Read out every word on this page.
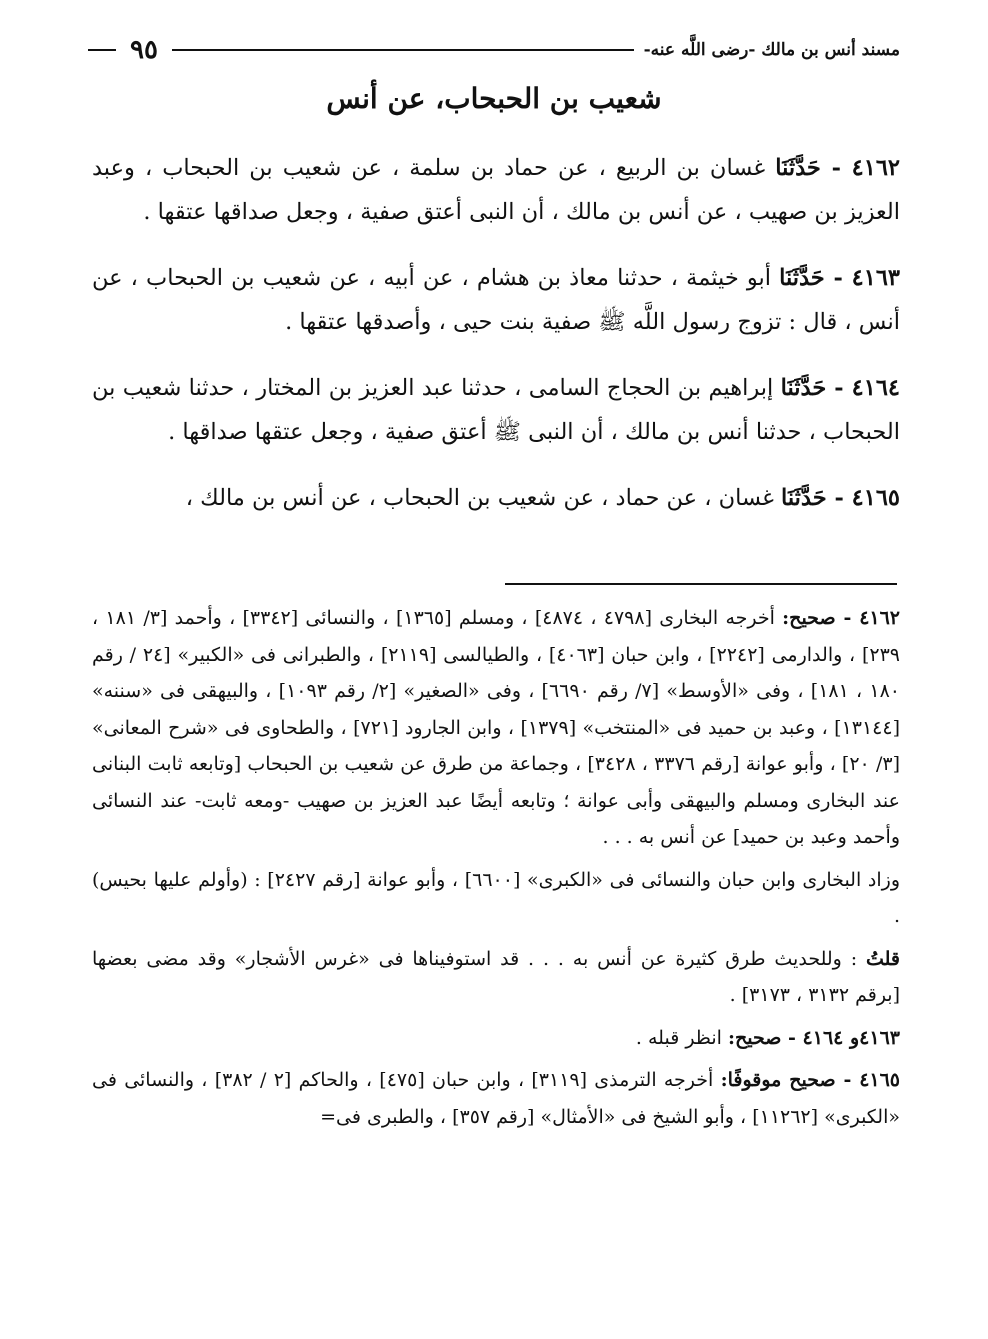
مسند أنس بن مالك -رضى اللَّه عنه-
٩٥
شعيب بن الحبحاب، عن أنس

٤١٦٢ - حَدَّثَنَا غسان بن الربيع ، عن حماد بن سلمة ، عن شعيب بن الحبحاب ، وعبد العزيز بن صهيب ، عن أنس بن مالك ، أن النبى أعتق صفية ، وجعل صداقها عتقها .

٤١٦٣ - حَدَّثَنَا أبو خيثمة ، حدثنا معاذ بن هشام ، عن أبيه ، عن شعيب بن الحبحاب ، عن أنس ، قال : تزوج رسول اللَّه ﷺ صفية بنت حيى ، وأصدقها عتقها .

٤١٦٤ - حَدَّثَنَا إبراهيم بن الحجاج السامى ، حدثنا عبد العزيز بن المختار ، حدثنا شعيب بن الحبحاب ، حدثنا أنس بن مالك ، أن النبى ﷺ أعتق صفية ، وجعل عتقها صداقها .

٤١٦٥ - حَدَّثَنَا غسان ، عن حماد ، عن شعيب بن الحبحاب ، عن أنس بن مالك ،

٤١٦٢ - صحيح: أخرجه البخارى [٤٧٩٨ ، ٤٨٧٤] ، ومسلم [١٣٦٥] ، والنسائى [٣٣٤٢] ، وأحمد [٣/ ١٨١ ، ٢٣٩] ، والدارمى [٢٢٤٢] ، وابن حبان [٤٠٦٣] ، والطيالسى [٢١١٩] ، والطبرانى فى «الكبير» [٢٤ / رقم ١٨٠ ، ١٨١] ، وفى «الأوسط» [٧/ رقم ٦٦٩٠] ، وفى «الصغير» [٢/ رقم ١٠٩٣] ، والبيهقى فى «سننه» [١٣١٤٤] ، وعبد بن حميد فى «المنتخب» [١٣٧٩] ، وابن الجارود [٧٢١] ، والطحاوى فى «شرح المعانى» [٣/ ٢٠] ، وأبو عوانة [رقم ٣٣٧٦ ، ٣٤٢٨] ، وجماعة من طرق عن شعيب بن الحبحاب [وتابعه ثابت البنانى عند البخارى ومسلم والبيهقى وأبى عوانة ؛ وتابعه أيضًا عبد العزيز بن صهيب -ومعه ثابت- عند النسائى وأحمد وعبد بن حميد] عن أنس به . . .

وزاد البخارى وابن حبان والنسائى فى «الكبرى» [٦٦٠٠] ، وأبو عوانة [رقم ٢٤٢٧] : (وأولم عليها بحيس) .

قلتُ : وللحديث طرق كثيرة عن أنس به . . . قد استوفيناها فى «غرس الأشجار» وقد مضى بعضها [برقم ٣١٣٢ ، ٣١٧٣] .

٤١٦٣و ٤١٦٤ - صحيح: انظر قبله .

٤١٦٥ - صحيح موقوفًا: أخرجه الترمذى [٣١١٩] ، وابن حبان [٤٧٥] ، والحاكم [٢ / ٣٨٢] ، والنسائى فى «الكبرى» [١١٢٦٢] ، وأبو الشيخ فى «الأمثال» [رقم ٣٥٧] ، والطبرى فى=
